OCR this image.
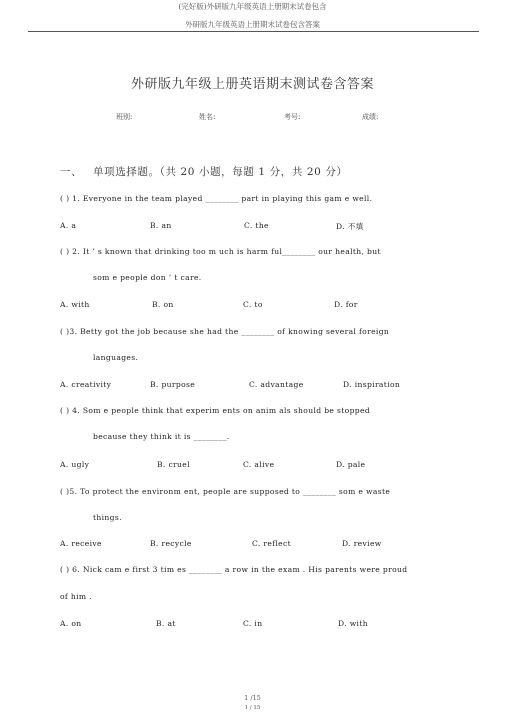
(完好版)外研版九年级英语上册期末试卷包含
外研版九年级英语上册期末试卷包含答案
外研版九年级上册英语期末测试卷含答案
班别:	姓名:	考号:	成绩:
一、 单项选择题。（共 20 小题，每题 1 分，共 20 分）
( ) 1. Everyone in the team played ________ part in playing this gam e well.
A. a	B. an	C. the	D. 不填
( ) 2. It ’ s known that drinking too m uch is harm ful________ our health, but
som e people don ’ t care.
A. with	B. on	C. to	D. for
( )3. Betty got the job because she had the ________ of knowing several foreign
languages.
A. creativity	B. purpose	C. advantage	D. inspiration
( ) 4. Som e people think that experim ents on anim als should be stopped
because they think it is ________.
A. ugly	B. cruel	C. alive	D. pale
( )5. To protect the environm ent, people are supposed to ________ som e waste
things.
A. receive	B. recycle	C. reflect	D. review
( ) 6. Nick cam e first 3 tim es ________ a row in the exam . His parents were proud
of him .
A. on	B. at	C. in	D. with
1 /15
1 / 15
